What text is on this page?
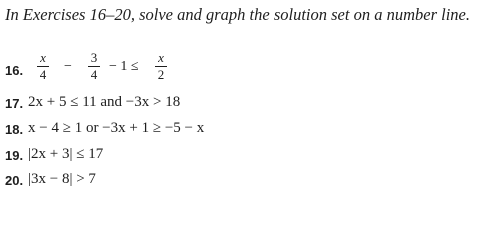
In Exercises 16–20, solve and graph the solution set on a number line.
16.
x
4
−
3
4
− 1 ≤
x
2
17. 2x + 5 ≤ 11 and −3x > 18
18. x − 4 ≥ 1 or −3x + 1 ≥ −5 − x
19. |2x + 3| ≤ 17
20. |3x − 8| > 7
